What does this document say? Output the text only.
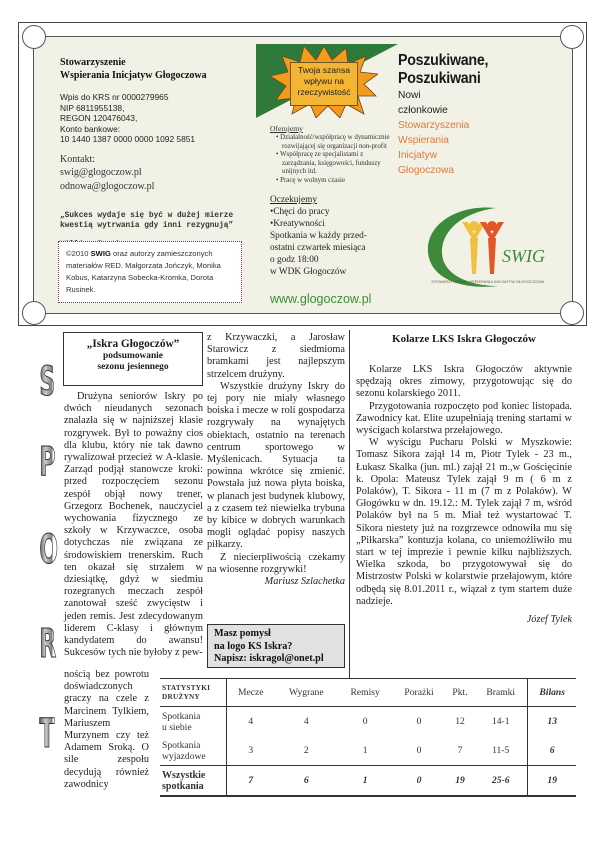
Stowarzyszenie
Wspierania Inicjatyw Głogoczowa
Wpis do KRS nr 0000279965
NIP 6811955138,
REGON 120476043,
Konto bankowe:
10 1440 1387 0000 0000 1092 5851
Kontakt:
swig@glogoczow.pl
odnowa@glogoczow.pl
„Sukces wydaje się być w dużej mierze
kwestią wytrwania gdy inni rezygnują”
©2010 SWIG oraz autorzy zamieszczonych materiałów RED. Małgorzata Jończyk, Monika Kobus, Katarzyna Sobecka-Kromka, Dorota Rusinek.
Twoja szansa
wpływu na
rzeczywistość
Oferujemy
• Działalność/współpracę w dynamicznie rozwijającej się organizacji non-profit
• Współpracę ze specjalistami z zarządzania, księgowości, funduszy unijnych itd.
• Pracę w wolnym czasie
Oczekujemy
•Chęci do pracy
•Kreatywności
Spotkania w każdy przed-
ostatni czwartek miesiąca
o godz 18:00
w WDK Głogoczów
www.glogoczow.pl
Poszukiwane,
Poszukiwani
Nowi
członkowie
Stowarzyszenia
Wspierania
Inicjatyw
Głogoczowa
SWIG
STOWARZYSZENIE WSPIERANIA INICJATYW GŁOGOCZOWA
S
P
O
R
T
„Iskra Głogoczów”
podsumowanie
sezonu jesiennego

Drużyna seniorów Iskry po dwóch nieudanych sezonach znalazła się w najniższej klasie rozgrywek. Był to poważny cios dla klubu, który nie tak dawno rywalizował przecież w A-klasie. Zarząd podjął stanowcze kroki: przed rozpoczęciem sezonu zespół objął nowy trener, Grzegorz Bochenek, nauczyciel wychowania fizycznego ze szkoły w Krzywaczce, osoba dotychczas nie związana ze środowiskiem trenerskim. Ruch ten okazał się strzałem w dziesiątkę, gdyż w siedmiu rozegranych meczach zespół zanotował sześć zwycięstw i jeden remis. Jest zdecydowanym liderem C-klasy i głównym kandydatem do awansu! Sukcesów tych nie byłoby z pew-

nością bez powrotu doświadczonych graczy na czele z Marcinem Tylkiem, Mariuszem Murzynem czy też Adamem Sroką. O sile zespołu decydują również zawodnicy

z Krzywaczki, a Jarosław Starowicz z siedmioma bramkami jest najlepszym strzelcem drużyny.

Wszystkie drużyny Iskry do tej pory nie miały własnego boiska i mecze w roli gospodarza rozgrywały na wynajętych obiektach, ostatnio na terenach centrum sportowego w Myślenicach. Sytuacja ta powinna wkrótce się zmienić. Powstała już nowa płyta boiska, w planach jest budynek klubowy, a z czasem też niewielka trybuna by kibice w dobrych warunkach mogli oglądać popisy naszych piłkarzy.

Z niecierpliwością czekamy na wiosenne rozgrywki!

Mariusz Szlachetka

Masz pomysł
na logo KS Iskra?
Napisz: iskragol@onet.pl
Kolarze LKS Iskra Głogoczów

Kolarze LKS Iskra Głogoczów aktywnie spędzają okres zimowy, przygotowując się do sezonu kolarskiego 2011.

Przygotowania rozpoczęto pod koniec listopada. Zawodnicy kat. Elite uzupełniają trening startami w wyścigach kolarstwa przełajowego.

W wyścigu Pucharu Polski w Myszkowie: Tomasz Sikora zajął 14 m, Piotr Tylek - 23 m., Łukasz Skalka (jun. ml.) zajął 21 m.,w Gościęcinie k. Opola: Mateusz Tylek zajął 9 m ( 6 m z Polaków), T. Sikora - 11 m (7 m z Polaków). W Głogówku w dn. 19.12.: M. Tylek zajął 7 m, wśród Polaków był na 5 m. Miał też wystartować T. Sikora niestety już na rozgrzewce odnowiła mu się „Piłkarska” kontuzja kolana, co uniemożliwiło mu start w tej imprezie i pewnie kilku najbliższych. Wielka szkoda, bo przygotowywał się do Mistrzostw Polski w kolarstwie przełajowym, które odbędą się 8.01.2011 r., wiązał z tym startem duże nadzieje.

Józef Tylek

STATYSTYKI
DRUŻYNY	Mecze	Wygrane	Remisy	Porażki	Pkt.	Bramki	Bilans

Spotkania
u siebie	4	4	0	0	12	14-1	13

Spotkania
wyjazdowe	3	2	1	0	7	11-5	6

Wszystkie
spotkania	7	6	1	0	19	25-6	19
